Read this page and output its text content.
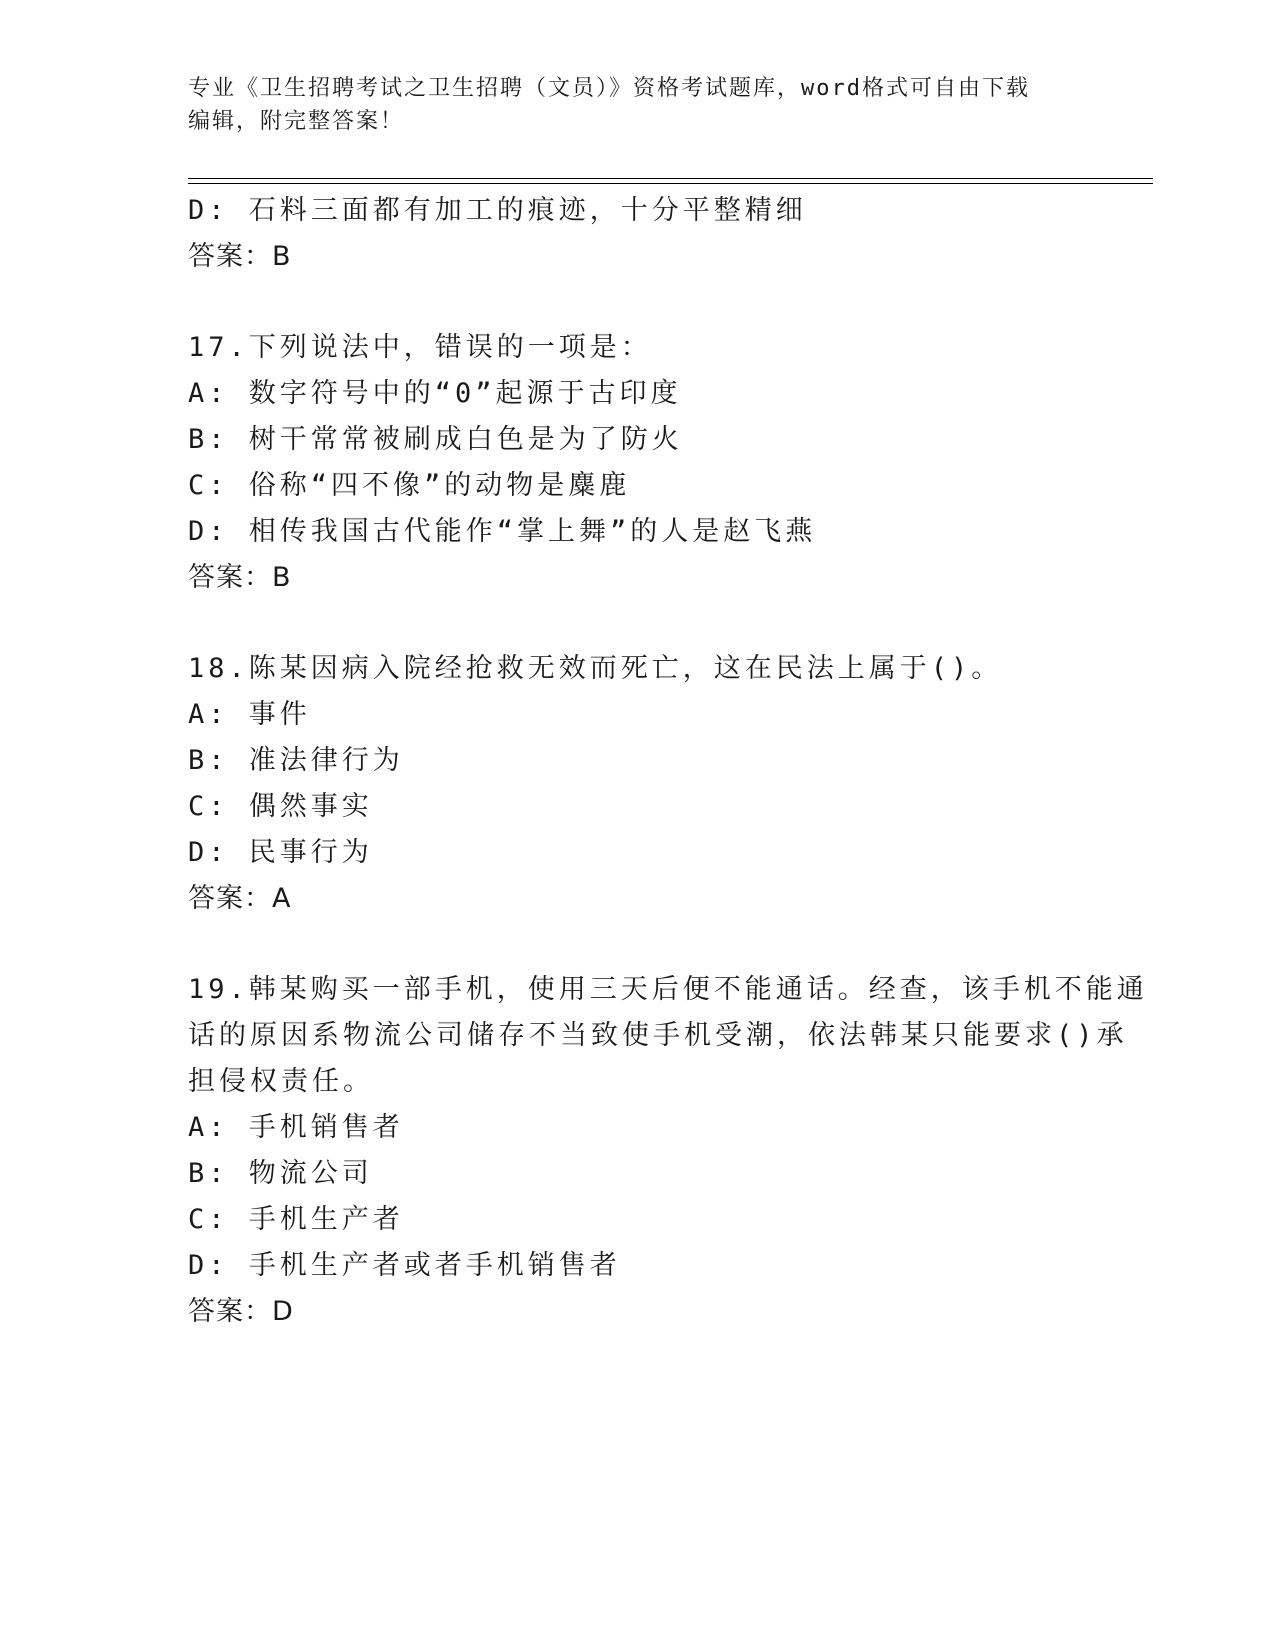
专业《卫生招聘考试之卫生招聘（文员）》资格考试题库，word格式可自由下载
编辑，附完整答案！
D: 石料三面都有加工的痕迹，十分平整精细
答案：B
17.下列说法中，错误的一项是：
A: 数字符号中的“0”起源于古印度
B: 树干常常被刷成白色是为了防火
C: 俗称“四不像”的动物是麋鹿
D: 相传我国古代能作“掌上舞”的人是赵飞燕
答案：B
18.陈某因病入院经抢救无效而死亡，这在民法上属于()。
A: 事件
B: 准法律行为
C: 偶然事实
D: 民事行为
答案：A
19.韩某购买一部手机，使用三天后便不能通话。经查，该手机不能通
话的原因系物流公司储存不当致使手机受潮，依法韩某只能要求()承
担侵权责任。
A: 手机销售者
B: 物流公司
C: 手机生产者
D: 手机生产者或者手机销售者
答案：D
